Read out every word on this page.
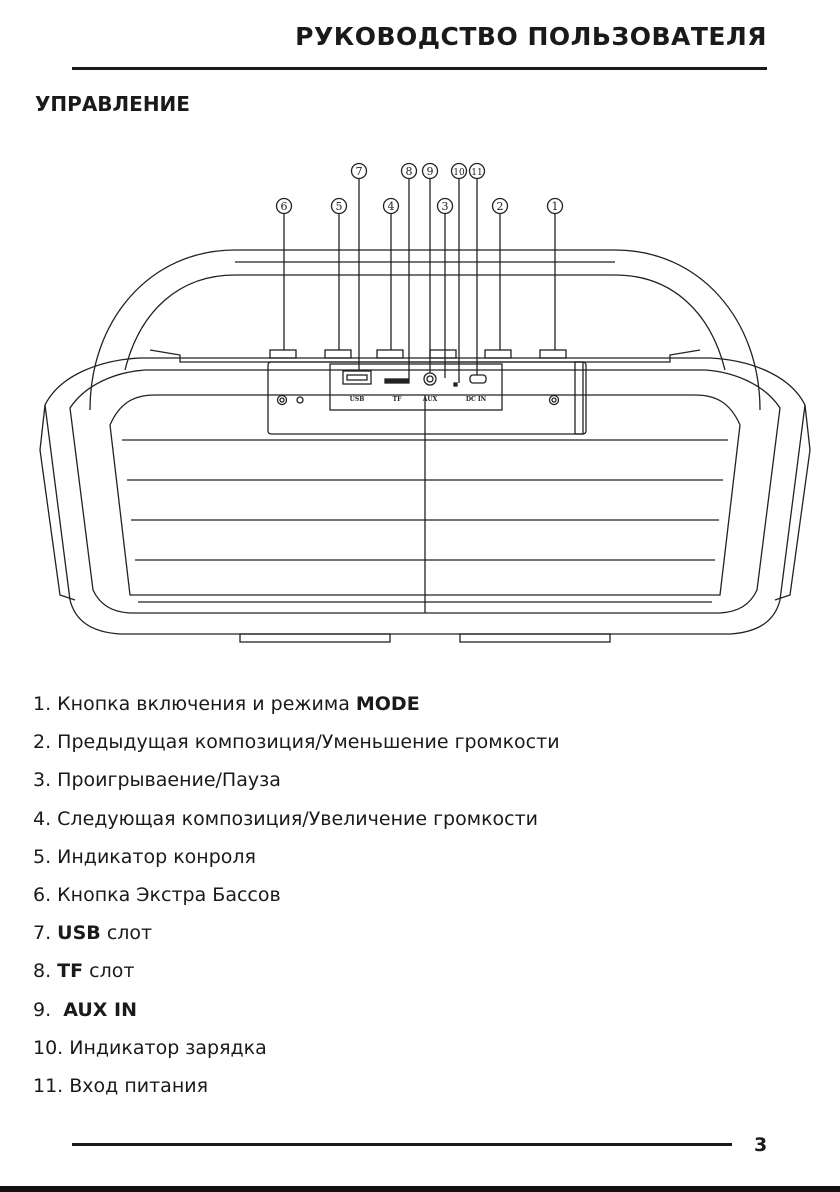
РУКОВОДСТВО ПОЛЬЗОВАТЕЛЯ
УПРАВЛЕНИЕ
1
2
3
4
5
6
7	8 9 10 11
USB	TF	AUX	DC IN
1. Кнопка включения и режима MODE
2. Предыдущая композиция/Уменьшение громкости
3. Проигрываение/Пауза
4. Следующая композиция/Увеличение громкости
5. Индикатор конроля
6. Кнопка Экстра Бассов
7. USB слот
8. TF слот
9.  AUX IN
10. Индикатор зарядка
11. Вход питания
3
